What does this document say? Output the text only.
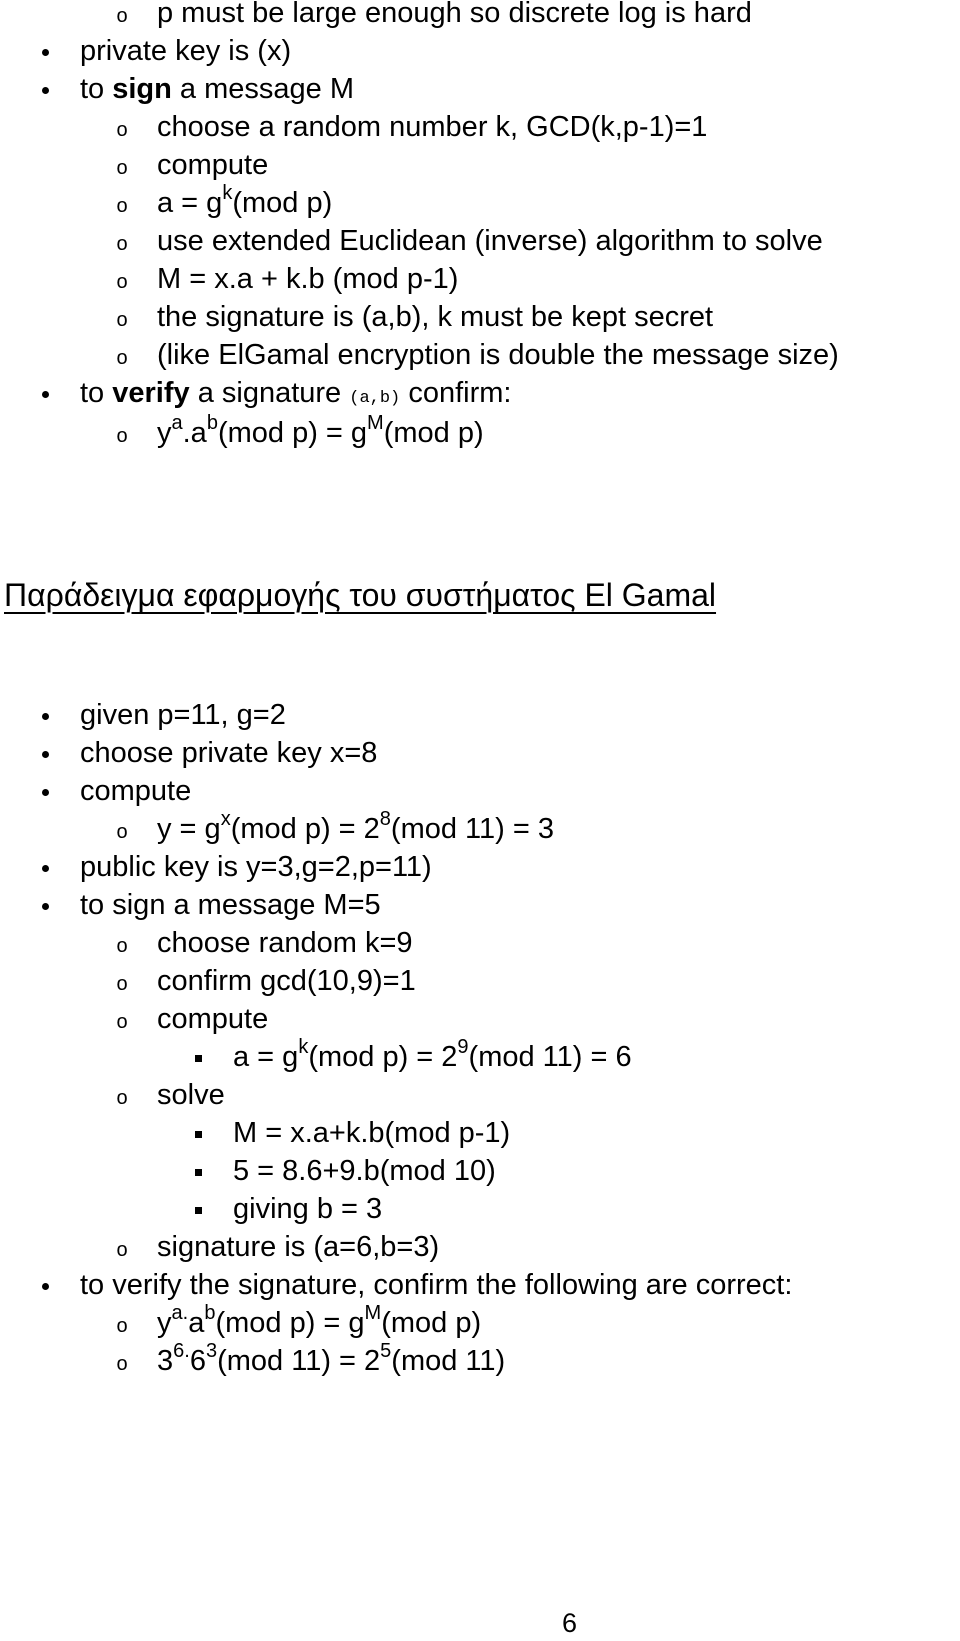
o	p must be large enough so discrete log is hard
private key is (x)
to sign a message M
o	choose a random number k, GCD(k,p-1)=1
o	compute
o	$a = g^k(mod$ p)
o	use extended Euclidean (inverse) algorithm to solve
o	M = x.a + k.b (mod p-1)
o	the signature is (a,b), k must be kept secret
o	(like ElGamal encryption is double the message size)
to verify a signature (a,b) confirm:
o	$y^a.a^b(mod$ $p) = g^M(mod$ p)
Παράδειγμα εφαρμογής του συστήματος El Gamal
given p=11, g=2
choose private key x=8
compute
o	$y = g^x(mod$ $p) = 2^8(mod$ 11) = 3
public key is y=3,g=2,p=11)
to sign a message M=5
o	choose random k=9
o	confirm gcd(10,9)=1
o	compute
$a = g^k(mod$ $p) = 2^9(mod$ 11) = 6
o	solve
M = x.a+k.b(mod p-1)
5 = 8.6+9.b(mod 10)
giving b = 3
o	signature is (a=6,b=3)
to verify the signature, confirm the following are correct:
o	$y^{a.}a^b(mod$ $p) = g^M(mod$ p)
o	$3^{6.}6^3(mod$ $11) = 2^5(mod$ 11)
6
